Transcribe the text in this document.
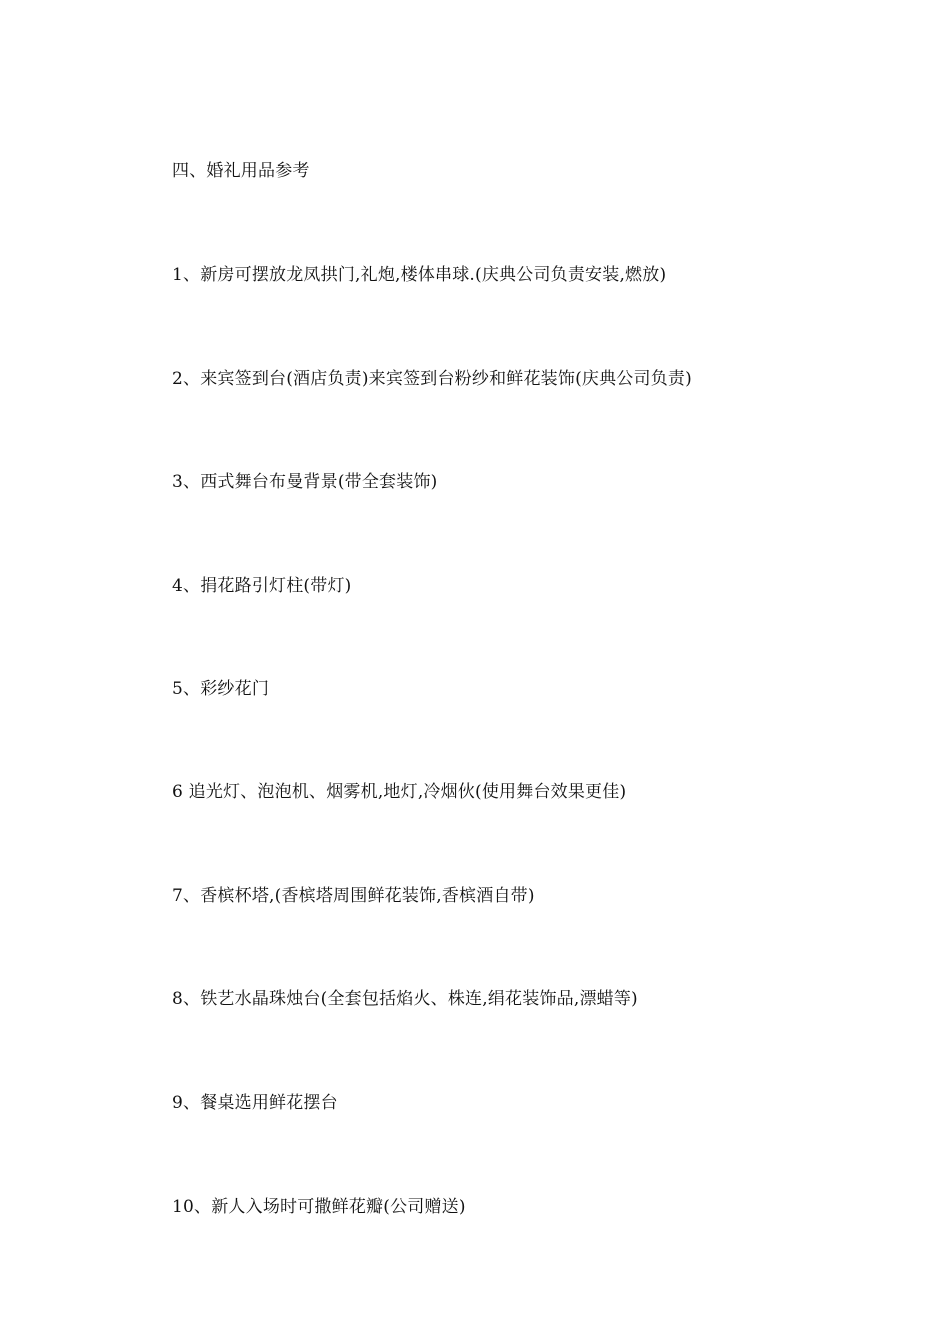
四、婚礼用品参考
1、新房可摆放龙凤拱门,礼炮,楼体串球.(庆典公司负责安装,燃放)
2、来宾签到台(酒店负责)来宾签到台粉纱和鲜花装饰(庆典公司负责)
3、西式舞台布曼背景(带全套装饰)
4、捐花路引灯柱(带灯)
5、彩纱花门
6 追光灯、泡泡机、烟雾机,地灯,冷烟伙(使用舞台效果更佳)
7、香槟杯塔,(香槟塔周围鲜花装饰,香槟酒自带)
8、铁艺水晶珠烛台(全套包括焰火、株连,绢花装饰品,漂蜡等)
9、餐桌选用鲜花摆台
10、新人入场时可撒鲜花瓣(公司赠送)
